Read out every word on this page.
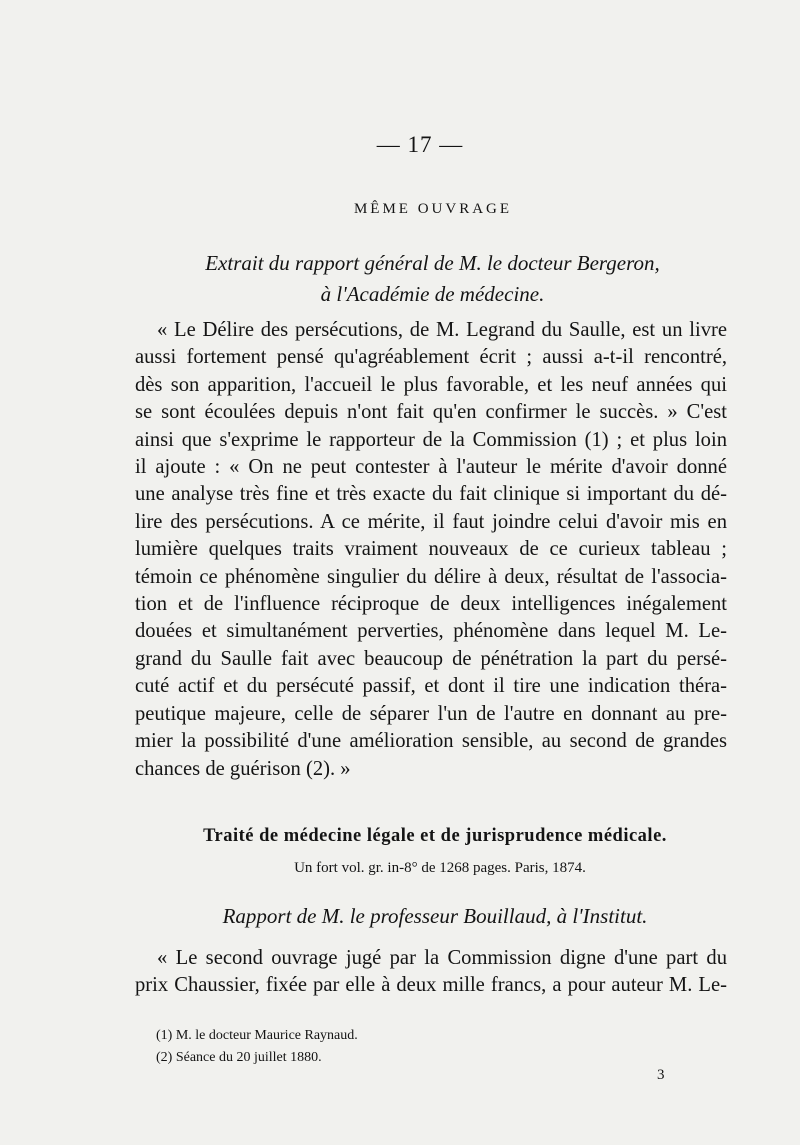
— 17 —
MÊME OUVRAGE
Extrait du rapport général de M. le docteur Bergeron,
à l'Académie de médecine.
« Le Délire des persécutions, de M. Legrand du Saulle, est un livre
aussi fortement pensé qu'agréablement écrit ; aussi a-t-il rencontré,
dès son apparition, l'accueil le plus favorable, et les neuf années qui
se sont écoulées depuis n'ont fait qu'en confirmer le succès. » C'est
ainsi que s'exprime le rapporteur de la Commission (1) ; et plus loin
il ajoute : « On ne peut contester à l'auteur le mérite d'avoir donné
une analyse très fine et très exacte du fait clinique si important du dé-
lire des persécutions. A ce mérite, il faut joindre celui d'avoir mis en
lumière quelques traits vraiment nouveaux de ce curieux tableau ;
témoin ce phénomène singulier du délire à deux, résultat de l'associa-
tion et de l'influence réciproque de deux intelligences inégalement
douées et simultanément perverties, phénomène dans lequel M. Le-
grand du Saulle fait avec beaucoup de pénétration la part du persé-
cuté actif et du persécuté passif, et dont il tire une indication théra-
peutique majeure, celle de séparer l'un de l'autre en donnant au pre-
mier la possibilité d'une amélioration sensible, au second de grandes
chances de guérison (2). »
Traité de médecine légale et de jurisprudence médicale.
Un fort vol. gr. in-8° de 1268 pages. Paris, 1874.
Rapport de M. le professeur Bouillaud, à l'Institut.
« Le second ouvrage jugé par la Commission digne d'une part du
prix Chaussier, fixée par elle à deux mille francs, a pour auteur M. Le-
(1) M. le docteur Maurice Raynaud.
(2) Séance du 20 juillet 1880.
3
